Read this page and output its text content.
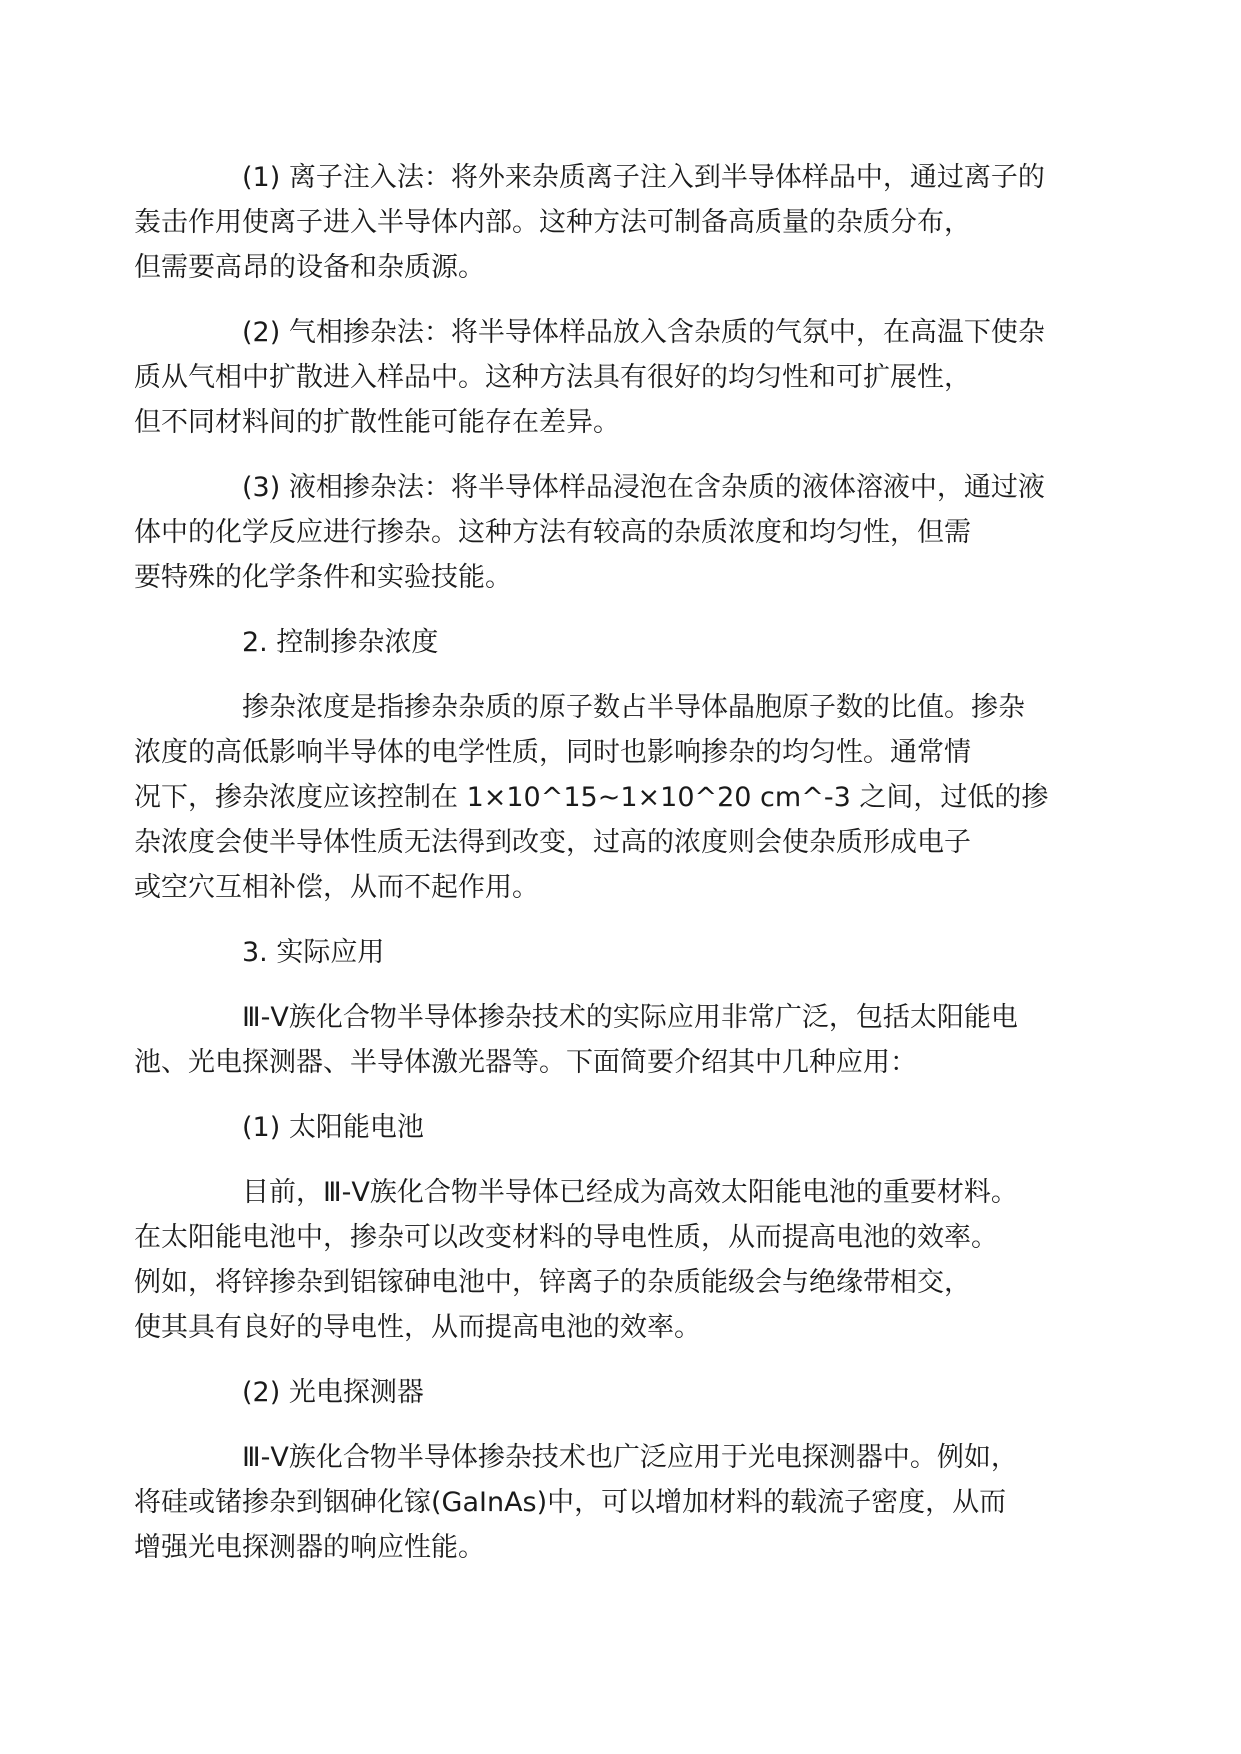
(1) 离子注入法：将外来杂质离子注入到半导体样品中，通过离子的
轰击作用使离子进入半导体内部。这种方法可制备高质量的杂质分布，
但需要高昂的设备和杂质源。
(2) 气相掺杂法：将半导体样品放入含杂质的气氛中，在高温下使杂
质从气相中扩散进入样品中。这种方法具有很好的均匀性和可扩展性，
但不同材料间的扩散性能可能存在差异。
(3) 液相掺杂法：将半导体样品浸泡在含杂质的液体溶液中，通过液
体中的化学反应进行掺杂。这种方法有较高的杂质浓度和均匀性，但需
要特殊的化学条件和实验技能。
2. 控制掺杂浓度
掺杂浓度是指掺杂杂质的原子数占半导体晶胞原子数的比值。掺杂
浓度的高低影响半导体的电学性质，同时也影响掺杂的均匀性。通常情
况下，掺杂浓度应该控制在 1×10^15~1×10^20 cm^-3 之间，过低的掺
杂浓度会使半导体性质无法得到改变，过高的浓度则会使杂质形成电子
或空穴互相补偿，从而不起作用。
3. 实际应用
Ⅲ-Ⅴ族化合物半导体掺杂技术的实际应用非常广泛，包括太阳能电
池、光电探测器、半导体激光器等。下面简要介绍其中几种应用：
(1) 太阳能电池
目前，Ⅲ-Ⅴ族化合物半导体已经成为高效太阳能电池的重要材料。
在太阳能电池中，掺杂可以改变材料的导电性质，从而提高电池的效率。
例如，将锌掺杂到铝镓砷电池中，锌离子的杂质能级会与绝缘带相交，
使其具有良好的导电性，从而提高电池的效率。
(2) 光电探测器
Ⅲ-Ⅴ族化合物半导体掺杂技术也广泛应用于光电探测器中。例如，
将硅或锗掺杂到铟砷化镓(GaInAs)中，可以增加材料的载流子密度，从而
增强光电探测器的响应性能。
